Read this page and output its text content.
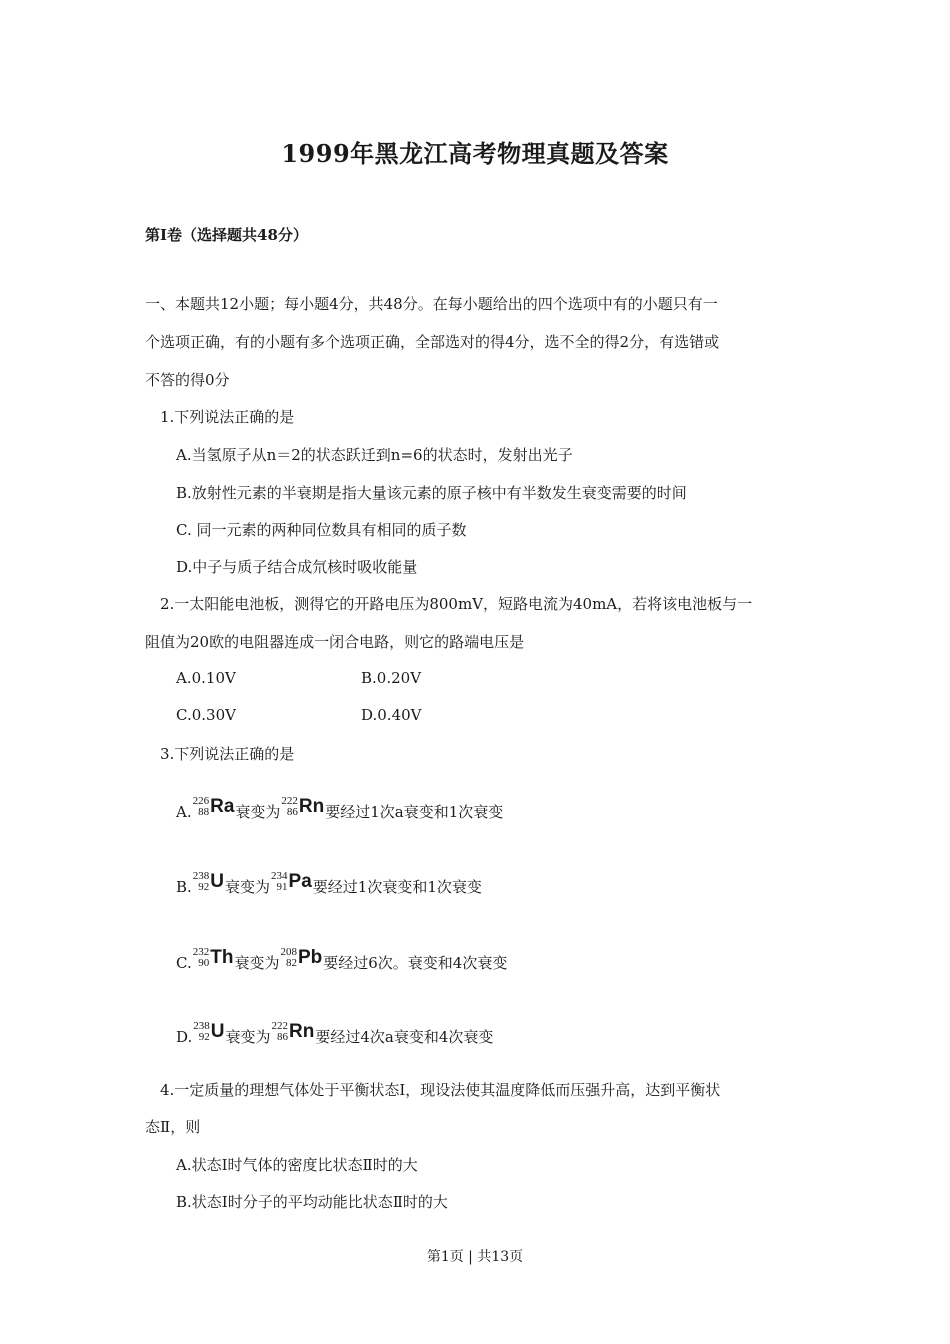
1999年黑龙江高考物理真题及答案
第Ⅰ卷（选择题共48分）
一、本题共12小题；每小题4分，共48分。在每小题给出的四个选项中有的小题只有一
个选项正确，有的小题有多个选项正确，全部选对的得4分，选不全的得2分，有选错或
不答的得0分
1.下列说法正确的是
A.当氢原子从n＝2的状态跃迁到n=6的状态时，发射出光子
B.放射性元素的半衰期是指大量该元素的原子核中有半数发生衰变需要的时间
C. 同一元素的两种同位数具有相同的质子数
D.中子与质子结合成氘核时吸收能量
2.一太阳能电池板，测得它的开路电压为800mV，短路电流为40mA，若将该电池板与一
阻值为20欧的电阻器连成一闭合电路，则它的路端电压是
A.0.10V	B.0.20V
C.0.30V	D.0.40V
3.下列说法正确的是
A.
226
88 Ra衰变为
222
86 Rn要经过1次a衰变和1次衰变
B.
238
92 U衰变为
234
91 Pa要经过1次衰变和1次衰变
C.
232
90 Th衰变为
208
82 Pb要经过6次。衰变和4次衰变
D.
238
92 U衰变为
222
86 Rn要经过4次a衰变和4次衰变
4.一定质量的理想气体处于平衡状态Ⅰ，现设法使其温度降低而压强升高，达到平衡状
态Ⅱ，则
A.状态Ⅰ时气体的密度比状态Ⅱ时的大
B.状态Ⅰ时分子的平均动能比状态Ⅱ时的大
第1页 | 共13页
